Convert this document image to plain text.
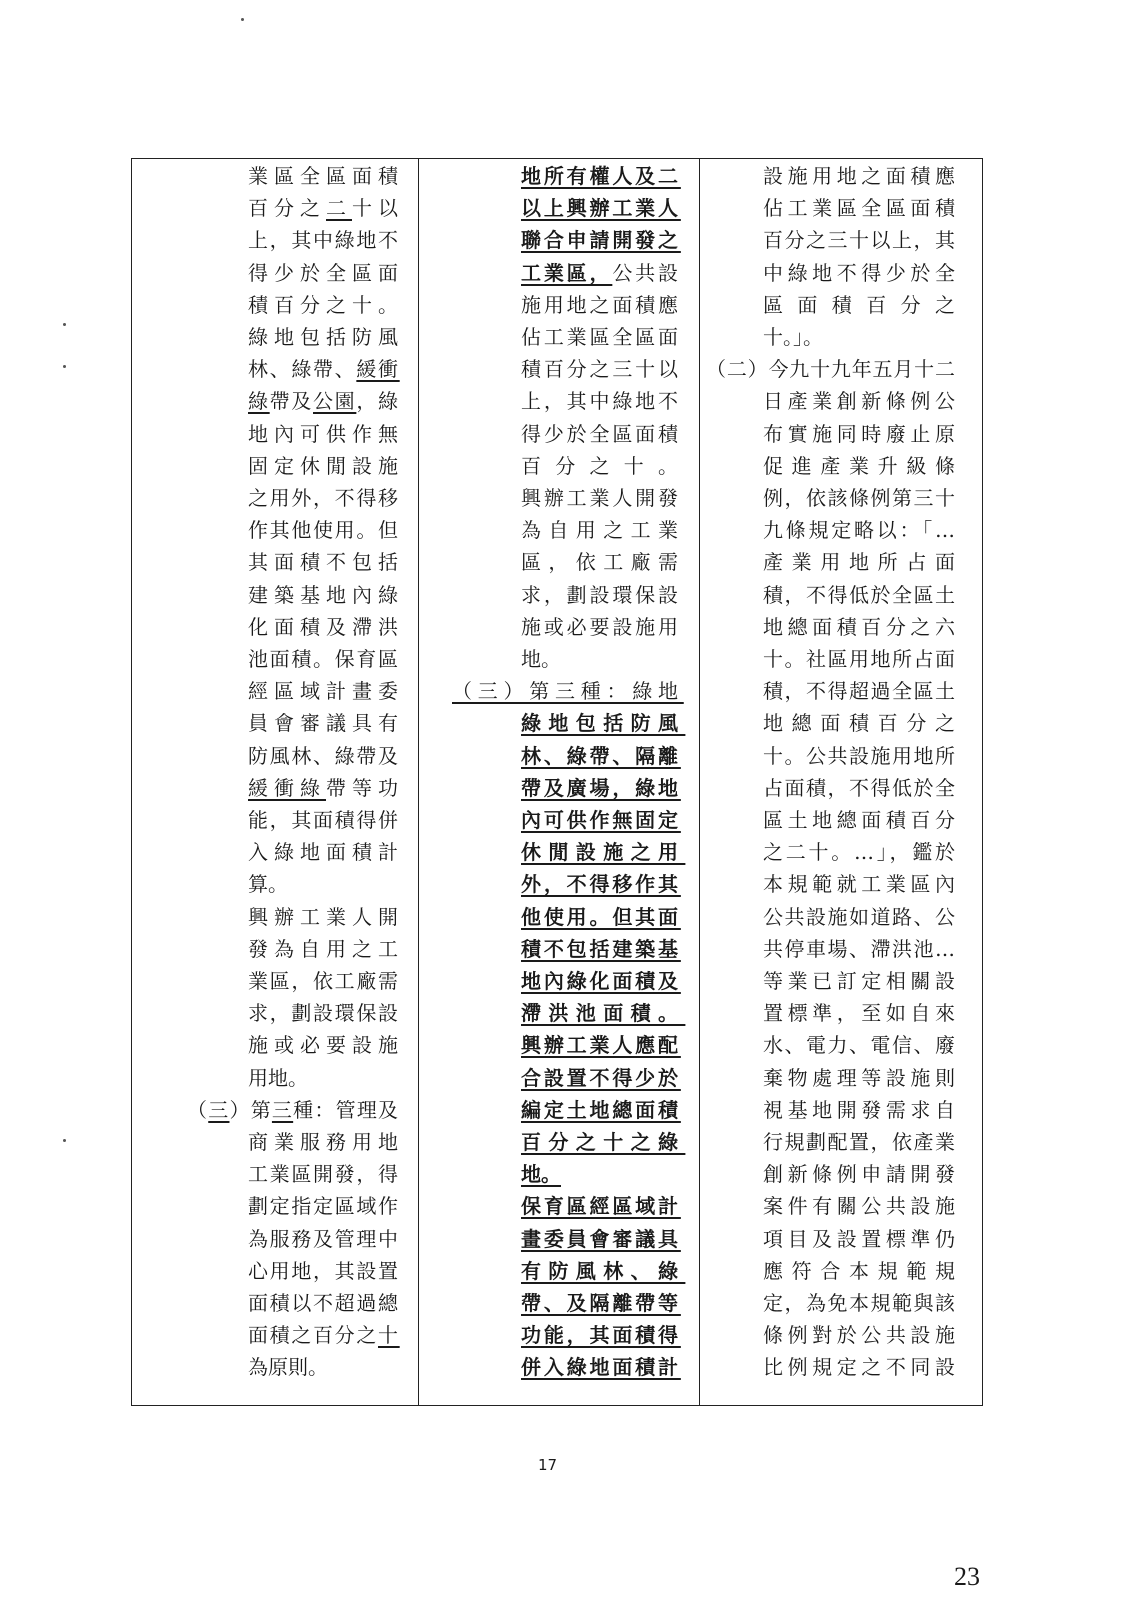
業區全區面積
百分之二十以
上，其中綠地不
得少於全區面
積百分之十。
綠地包括防風
林、綠帶、緩衝
綠帶及公園，綠
地內可供作無
固定休閒設施
之用外，不得移
作其他使用。但
其面積不包括
建築基地內綠
化面積及滯洪
池面積。保育區
經區域計畫委
員會審議具有
防風林、綠帶及
緩衝綠帶等功
能，其面積得併
入綠地面積計
算。
興辦工業人開
發為自用之工
業區，依工廠需
求，劃設環保設
施或必要設施
用地。
（三）第三種：管理及
商業服務用地
工業區開發，得
劃定指定區域作
為服務及管理中
心用地，其設置
面積以不超過總
面積之百分之十
為原則。
地所有權人及二
以上興辦工業人
聯合申請開發之
工業區，公共設
施用地之面積應
佔工業區全區面
積百分之三十以
上，其中綠地不
得少於全區面積
百分之十。
興辦工業人開發
為自用之工業
區，依工廠需
求，劃設環保設
施或必要設施用
地。
（三）第三種：綠地
綠地包括防風
林、綠帶、隔離
帶及廣場，綠地
內可供作無固定
休閒設施之用
外，不得移作其
他使用。但其面
積不包括建築基
地內綠化面積及
滯洪池面積。
興辦工業人應配
合設置不得少於
編定土地總面積
百分之十之綠
地。
保育區經區域計
畫委員會審議具
有防風林、綠
帶、及隔離帶等
功能，其面積得
併入綠地面積計
設施用地之面積應
佔工業區全區面積
百分之三十以上，其
中綠地不得少於全
區面積百分之
十。」。
（二）今九十九年五月十二
日產業創新條例公
布實施同時廢止原
促進產業升級條
例，依該條例第三十
九條規定略以：「…
產業用地所占面
積，不得低於全區土
地總面積百分之六
十。社區用地所占面
積，不得超過全區土
地總面積百分之
十。公共設施用地所
占面積，不得低於全
區土地總面積百分
之二十。…」，鑑於
本規範就工業區內
公共設施如道路、公
共停車場、滯洪池…
等業已訂定相關設
置標準，至如自來
水、電力、電信、廢
棄物處理等設施則
視基地開發需求自
行規劃配置，依產業
創新條例申請開發
案件有關公共設施
項目及設置標準仍
應符合本規範規
定，為免本規範與該
條例對於公共設施
比例規定之不同設
17
23
